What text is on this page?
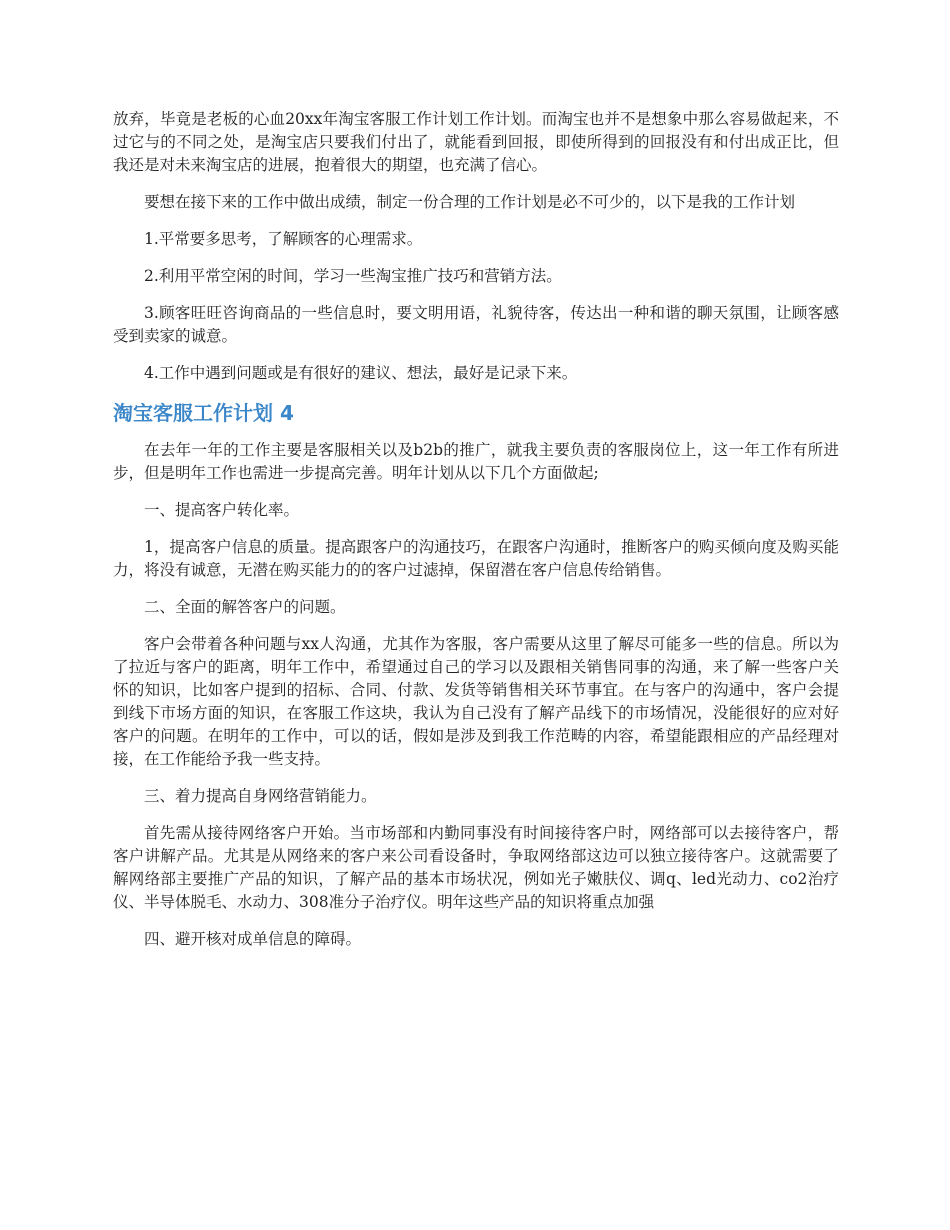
放弃，毕竟是老板的心血20xx年淘宝客服工作计划工作计划。而淘宝也并不是想象中那么容易做起来，不过它与的不同之处，是淘宝店只要我们付出了，就能看到回报，即使所得到的回报没有和付出成正比，但我还是对未来淘宝店的进展，抱着很大的期望，也充满了信心。

要想在接下来的工作中做出成绩，制定一份合理的工作计划是必不可少的，以下是我的工作计划

1.平常要多思考，了解顾客的心理需求。

2.利用平常空闲的时间，学习一些淘宝推广技巧和营销方法。

3.顾客旺旺咨询商品的一些信息时，要文明用语，礼貌待客，传达出一种和谐的聊天氛围，让顾客感受到卖家的诚意。

4.工作中遇到问题或是有很好的建议、想法，最好是记录下来。

淘宝客服工作计划 4

在去年一年的工作主要是客服相关以及b2b的推广，就我主要负责的客服岗位上，这一年工作有所进步，但是明年工作也需进一步提高完善。明年计划从以下几个方面做起;

一、提高客户转化率。

1，提高客户信息的质量。提高跟客户的沟通技巧，在跟客户沟通时，推断客户的购买倾向度及购买能力，将没有诚意，无潜在购买能力的的客户过滤掉，保留潜在客户信息传给销售。

二、全面的解答客户的问题。

客户会带着各种问题与xx人沟通，尤其作为客服，客户需要从这里了解尽可能多一些的信息。所以为了拉近与客户的距离，明年工作中，希望通过自己的学习以及跟相关销售同事的沟通，来了解一些客户关怀的知识，比如客户提到的招标、合同、付款、发货等销售相关环节事宜。在与客户的沟通中，客户会提到线下市场方面的知识，在客服工作这块，我认为自己没有了解产品线下的市场情况，没能很好的应对好客户的问题。在明年的工作中，可以的话，假如是涉及到我工作范畴的内容，希望能跟相应的产品经理对接，在工作能给予我一些支持。

三、着力提高自身网络营销能力。

首先需从接待网络客户开始。当市场部和内勤同事没有时间接待客户时，网络部可以去接待客户，帮客户讲解产品。尤其是从网络来的客户来公司看设备时，争取网络部这边可以独立接待客户。这就需要了解网络部主要推广产品的知识，了解产品的基本市场状况，例如光子嫩肤仪、调q、led光动力、co2治疗仪、半导体脱毛、水动力、308准分子治疗仪。明年这些产品的知识将重点加强

四、避开核对成单信息的障碍。
